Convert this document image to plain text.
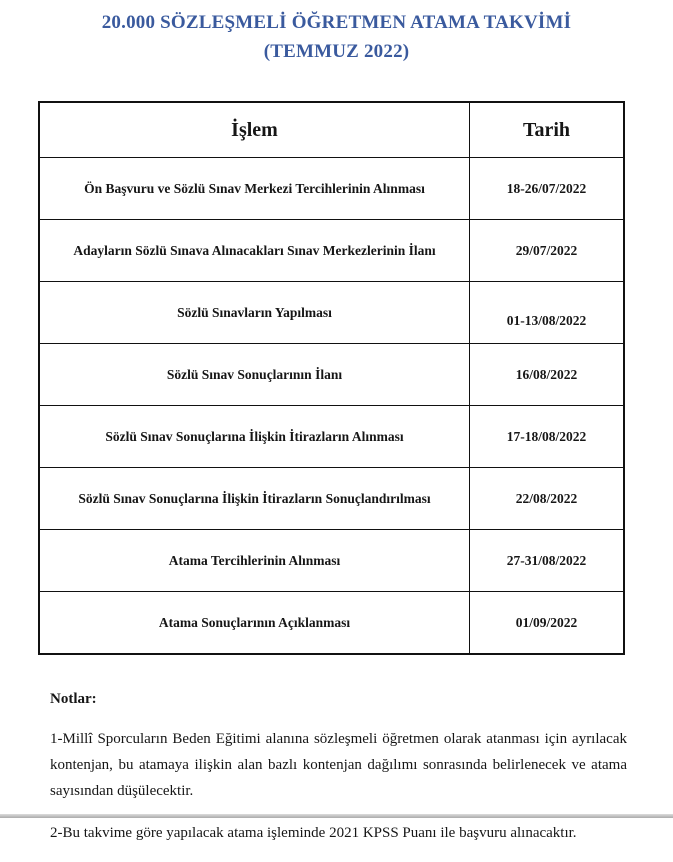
20.000 SÖZLEŞMELİ ÖĞRETMEN ATAMA TAKVİMİ
(TEMMUZ 2022)
İşlem	Tarih
Ön Başvuru ve Sözlü Sınav Merkezi Tercihlerinin Alınması	18-26/07/2022
Adayların Sözlü Sınava Alınacakları Sınav Merkezlerinin İlanı	29/07/2022
Sözlü Sınavların Yapılması	01-13/08/2022
Sözlü Sınav Sonuçlarının İlanı	16/08/2022
Sözlü Sınav Sonuçlarına İlişkin İtirazların Alınması	17-18/08/2022
Sözlü Sınav Sonuçlarına İlişkin İtirazların Sonuçlandırılması	22/08/2022
Atama Tercihlerinin Alınması	27-31/08/2022
Atama Sonuçlarının Açıklanması	01/09/2022

Notlar:

1-Millî Sporcuların Beden Eğitimi alanına sözleşmeli öğretmen olarak atanması için ayrılacak kontenjan, bu atamaya ilişkin alan bazlı kontenjan dağılımı sonrasında belirlenecek ve atama sayısından düşülecektir.

2-Bu takvime göre yapılacak atama işleminde 2021 KPSS Puanı ile başvuru alınacaktır.
